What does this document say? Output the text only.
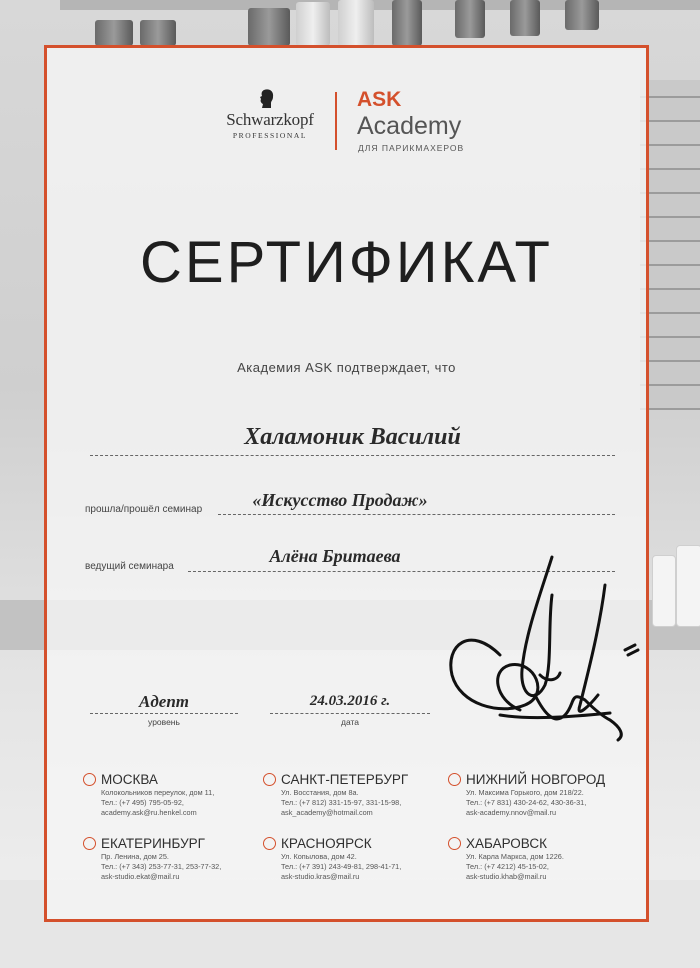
Schwarzkopf
PROFESSIONAL
ASK
Academy
ДЛЯ ПАРИКМАХЕРОВ
СЕРТИФИКАТ
Академия ASK подтверждает, что
Халамоник Василий
прошла/прошёл семинар	«Искусство Продаж»
ведущий семинара
Алёна Бритаева
Адепт
уровень
24.03.2016 г.
дата
МОСКВА
Колокольников переулок, дом 11,
Тел.: (+7 495) 795-05-92,
academy.ask@ru.henkel.com
САНКТ-ПЕТЕРБУРГ
Ул. Восстания, дом 8а.
Тел.: (+7 812) 331-15-97, 331-15-98,
ask_academy@hotmail.com
НИЖНИЙ НОВГОРОД
Ул. Максима Горького, дом 218/22.
Тел.: (+7 831) 430-24-62, 430-36-31,
ask-academy.nnov@mail.ru
ЕКАТЕРИНБУРГ
Пр. Ленина, дом 25.
Тел.: (+7 343) 253-77-31, 253-77-32,
ask-studio.ekat@mail.ru
КРАСНОЯРСК
Ул. Копылова, дом 42.
Тел.: (+7 391) 243-49-81, 298-41-71,
ask-studio.kras@mail.ru
ХАБАРОВСК
Ул. Карла Маркса, дом 1226.
Тел.: (+7 4212) 45-15-02,
ask-studio.khab@mail.ru
